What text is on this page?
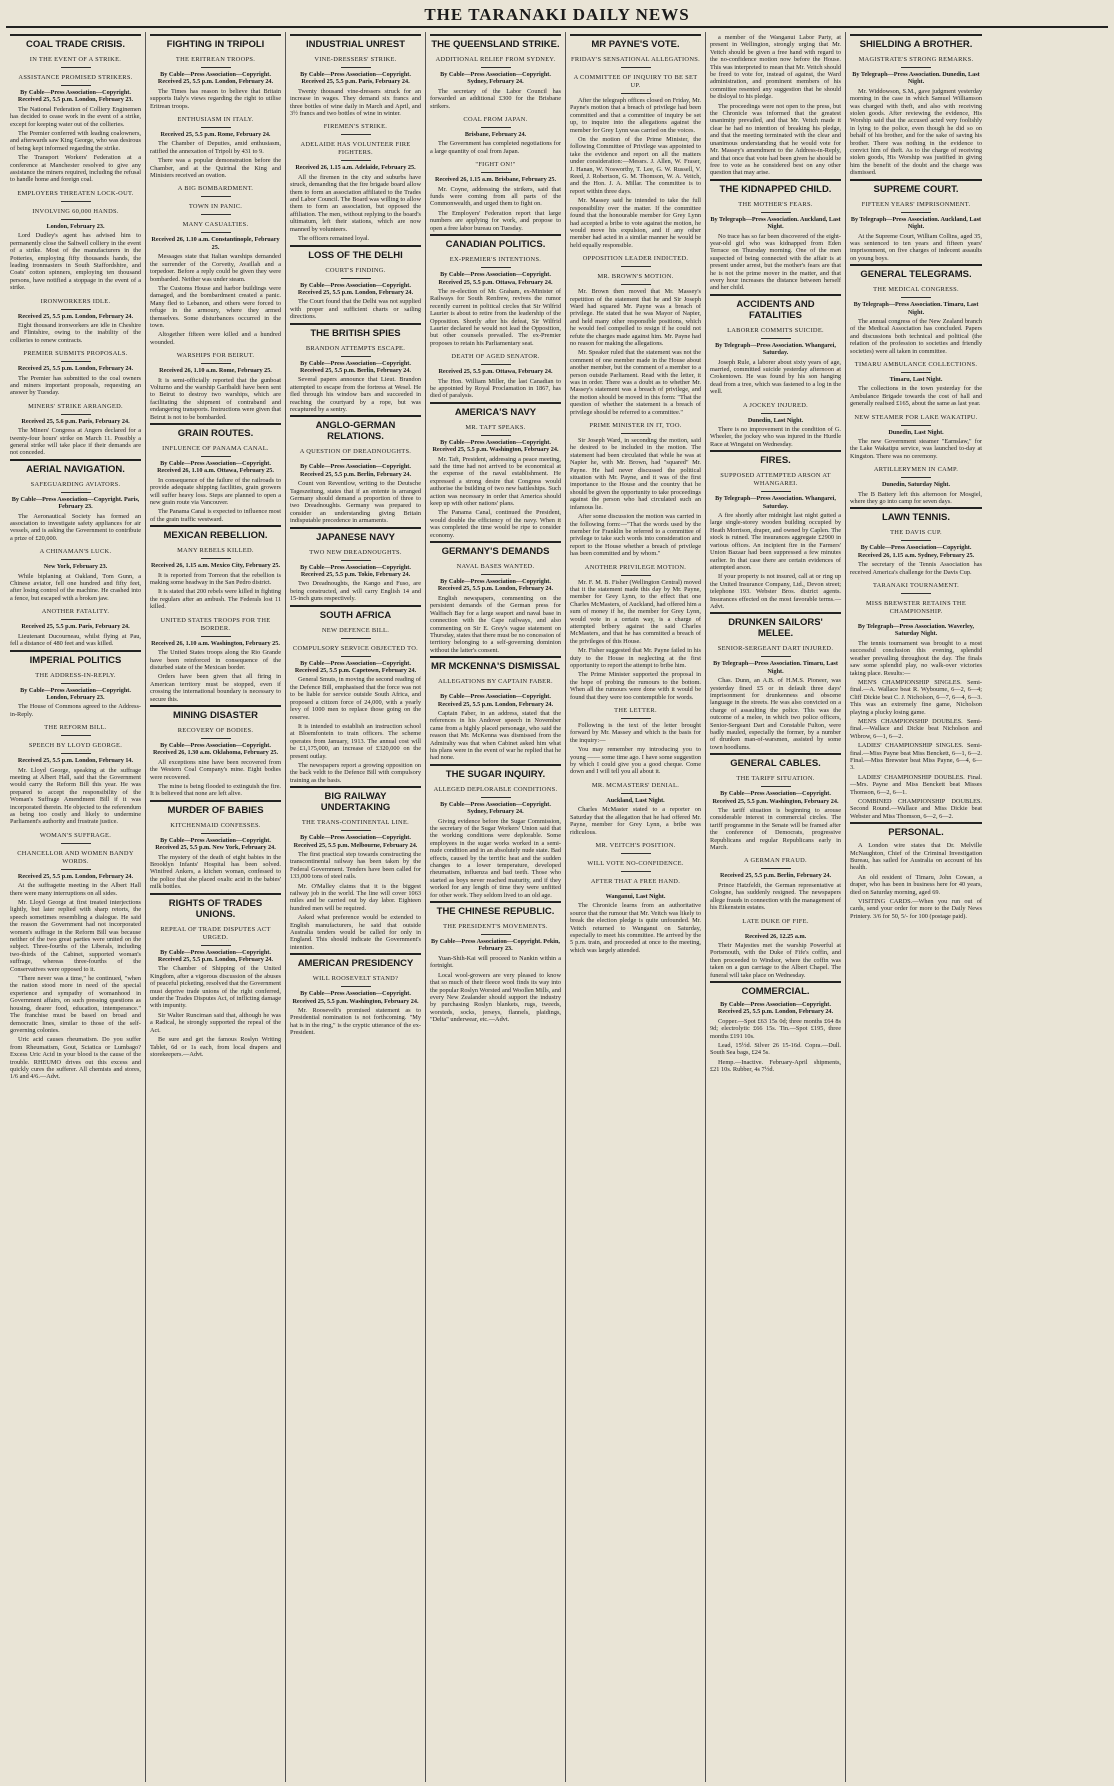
THE TARANAKI DAILY NEWS
COAL TRADE CRISIS.
IN THE EVENT OF A STRIKE.
ASSISTANCE PROMISED STRIKERS.
By Cable—Press Association—Copyright. Received 25, 5.5 p.m. London, February 23.
The National Federation of Colliery Enginemen has decided to cease work in the event of a strike, except for keeping water out of the collieries.
The Premier conferred with leading coalowners, and afterwards saw King George, who was desirous of being kept informed regarding the strike.
The Transport Workers' Federation at a conference at Manchester resolved to give any assistance the miners required, including the refusal to handle home and foreign coal.
EMPLOYERS THREATEN LOCK-OUT.
INVOLVING 60,000 HANDS.
London, February 23.
Lord Dudley's agent has advised him to permanently close the Saltwell colliery in the event of a strike. Most of the manufacturers in the Potteries, employing fifty thousands hands, the leading ironmasters in South Staffordshire, and Coats' cotton spinners, employing ten thousand persons, have notified a stoppage in the event of a strike.
IRONWORKERS IDLE.
Received 25, 5.5 p.m. London, February 24.
Eight thousand ironworkers are idle in Cheshire and Flintshire, owing to the inability of the collieries to renew contracts.
PREMIER SUBMITS PROPOSALS.
Received 25, 5.5 p.m. London, February 24.
The Premier has submitted to the coal owners and miners important proposals, requesting an answer by Tuesday.
MINERS' STRIKE ARRANGED.
Received 25, 5.6 p.m. Paris, February 24.
The Miners' Congress at Angers declared for a twenty-four hours' strike on March 11. Possibly a general strike will take place if their demands are not conceded.
AERIAL NAVIGATION.
SAFEGUARDING AVIATORS.
By Cable—Press Association—Copyright. Paris, February 23.
The Aeronautical Society has formed an association to investigate safety appliances for air vessels, and is asking the Government to contribute a prize of £20,000.
A CHINAMAN'S LUCK.
New York, February 23.
While biplaning at Oakland, Tom Gunn, a Chinese aviator, fell one hundred and fifty feet, after losing control of the machine. He crashed into a fence, but escaped with a broken jaw.
ANOTHER FATALITY.
Received 25, 5.5 p.m. Paris, February 24.
Lieutenant Ducourneau, whilst flying at Pau, fell a distance of 480 feet and was killed.
IMPERIAL POLITICS
THE ADDRESS-IN-REPLY.
By Cable—Press Association—Copyright. London, February 23.
The House of Commons agreed to the Address-in-Reply.
THE REFORM BILL.
SPEECH BY LLOYD GEORGE.
Received 25, 5.5 p.m. London, February 14.
Mr. Lloyd George, speaking at the suffrage meeting at Albert Hall, said that the Government would carry the Reform Bill this year. He was prepared to accept the responsibility of the Woman's Suffrage Amendment Bill if it was incorporated therein. He objected to the referendum as being too costly and likely to undermine Parliament's authority and frustrate justice.
WOMAN'S SUFFRAGE.
CHANCELLOR AND WOMEN BANDY WORDS.
Received 25, 5.5 p.m. London, February 24.
At the suffragette meeting in the Albert Hall there were many interruptions on all sides.
Mr. Lloyd George at first treated interjections lightly, but later replied with sharp retorts, the speech sometimes resembling a dialogue. He said the reason the Government had not incorporated women's suffrage in the Reform Bill was because neither of the two great parties were united on the subject. Three-fourths of the Liberals, including two-thirds of the Cabinet, supported woman's suffrage, whereas three-fourths of the Conservatives were opposed to it.
"There never was a time," he continued, "when the nation stood more in need of the special experience and sympathy of womanhood in Government affairs, on such pressing questions as housing, dearer food, education, intemperance." The franchise must be based on broad and democratic lines, similar to those of the self-governing colonies.
Uric acid causes rheumatism. Do you suffer from Rheumatism, Gout, Sciatica or Lumbago? Excess Uric Acid in your blood is the cause of the trouble. RHEUMO drives out this excess and quickly cures the sufferer. All chemists and stores, 1/6 and 4/6.—Advt.
FIGHTING IN TRIPOLI
THE ERITREAN TROOPS.
By Cable—Press Association—Copyright. Received 25, 5.5 p.m. London, February 24.
The Times has reason to believe that Britain supports Italy's views regarding the right to utilise Eritrean troops.
ENTHUSIASM IN ITALY.
Received 25, 5.5 p.m. Rome, February 24.
The Chamber of Deputies, amid enthusiasm, ratified the annexation of Tripoli by 431 to 9.
There was a popular demonstration before the Chamber, and at the Quirinal the King and Ministers received an ovation.
A BIG BOMBARDMENT.
TOWN IN PANIC.
MANY CASUALTIES.
Received 26, 1.10 a.m. Constantinople, February 25.
Messages state that Italian warships demanded the surrender of the Corvetty, Availlah and a torpedoer. Before a reply could be given they were bombarded. Neither was under steam.
The Customs House and harbor buildings were damaged, and the bombardment created a panic. Many fled to Lebanon, and others were forced to refuge in the armoury, where they armed themselves. Some disturbances occurred in the town.
Altogether fifteen were killed and a hundred wounded.
WARSHIPS FOR BEIRUT.
Received 26, 1.10 a.m. Rome, February 25.
It is semi-officially reported that the gunboat Volturno and the warship Garibaldi have been sent to Beirut to destroy two warships, which are facilitating the shipment of contraband and endangering transports. Instructions were given that Beirut is not to be bombarded.
GRAIN ROUTES.
INFLUENCE OF PANAMA CANAL.
By Cable—Press Association—Copyright. Received 26, 1.10 a.m. Ottawa, February 25.
In consequence of the failure of the railroads to provide adequate shipping facilities, grain growers will suffer heavy loss. Steps are planned to open a new grain route via Vancouver.
The Panama Canal is expected to influence most of the grain traffic westward.
MEXICAN REBELLION.
MANY REBELS KILLED.
Received 26, 1.15 a.m. Mexico City, February 25.
It is reported from Torreon that the rebellion is making some headway in the San Pedro district.
It is stated that 200 rebels were killed in fighting the regulars after an ambush. The Federals lost 11 killed.
UNITED STATES TROOPS FOR THE BORDER.
Received 26, 1.10 a.m. Washington, February 25.
The United States troops along the Rio Grande have been reinforced in consequence of the disturbed state of the Mexican border.
Orders have been given that all firing in American territory must be stopped, even if crossing the international boundary is necessary to secure this.
MINING DISASTER
RECOVERY OF BODIES.
By Cable—Press Association—Copyright. Received 26, 1.30 a.m. Oklahoma, February 25.
All exceptions nine have been recovered from the Western Coal Company's mine. Eight bodies were recovered.
The mine is being flooded to extinguish the fire. It is believed that none are left alive.
MURDER OF BABIES
KITCHENMAID CONFESSES.
By Cable—Press Association—Copyright. Received 25, 5.5 p.m. New York, February 24.
The mystery of the death of eight babies in the Brooklyn Infants' Hospital has been solved. Winifred Ankers, a kitchen woman, confessed to the police that she placed oxalic acid in the babies' milk bottles.
RIGHTS OF TRADES UNIONS.
REPEAL OF TRADE DISPUTES ACT URGED.
By Cable—Press Association—Copyright. Received 25, 5.5 p.m. London, February 24.
The Chamber of Shipping of the United Kingdom, after a vigorous discussion of the abuses of peaceful picketing, resolved that the Government must deprive trade unions of the right conferred, under the Trades Disputes Act, of inflicting damage with impunity.
Sir Walter Runciman said that, although he was a Radical, he strongly supported the repeal of the Act.
Be sure and get the famous Roslyn Writing Tablet, 6d or 1s each, from local drapers and storekeepers.—Advt.
INDUSTRIAL UNREST
VINE-DRESSERS' STRIKE.
By Cable—Press Association—Copyright. Received 25, 5.5 p.m. Paris, February 24.
Twenty thousand vine-dressers struck for an increase in wages. They demand six francs and three bottles of wine daily in March and April, and 3½ francs and two bottles of wine in winter.
FIREMEN'S STRIKE.
ADELAIDE HAS VOLUNTEER FIRE FIGHTERS.
Received 26, 1.15 a.m. Adelaide, February 25.
All the firemen in the city and suburbs have struck, demanding that the fire brigade board allow them to form an association affiliated to the Trades and Labor Council. The Board was willing to allow them to form an association, but opposed the affiliation. The men, without replying to the board's ultimatum, left their stations, which are now manned by volunteers.
The officers remained loyal.
LOSS OF THE DELHI
COURT'S FINDING.
By Cable—Press Association—Copyright. Received 25, 5.5 p.m. London, February 24.
The Court found that the Delhi was not supplied with proper and sufficient charts or sailing directions.
THE BRITISH SPIES
BRANDON ATTEMPTS ESCAPE.
By Cable—Press Association—Copyright. Received 25, 5.5 p.m. Berlin, February 24.
Several papers announce that Lieut. Brandon attempted to escape from the fortress at Wesel. He fled through his window bars and succeeded in reaching the courtyard by a rope, but was recaptured by a sentry.
ANGLO-GERMAN RELATIONS.
A QUESTION OF DREADNOUGHTS.
By Cable—Press Association—Copyright. Received 25, 5.5 p.m. Berlin, February 24.
Count von Reventlow, writing to the Deutsche Tageszeitung, states that if an entente is arranged Germany should demand a proportion of three to two Dreadnoughts. Germany was prepared to consider an understanding giving Britain indisputable precedence in armaments.
JAPANESE NAVY
TWO NEW DREADNOUGHTS.
By Cable—Press Association—Copyright. Received 25, 5.5 p.m. Tokio, February 24.
Two Dreadnoughts, the Kango and Fuso, are being constructed, and will carry English 14 and 15-inch guns respectively.
SOUTH AFRICA
NEW DEFENCE BILL.
COMPULSORY SERVICE OBJECTED TO.
By Cable—Press Association—Copyright. Received 25, 5.5 p.m. Capetown, February 24.
General Smuts, in moving the second reading of the Defence Bill, emphasised that the force was not to be liable for service outside South Africa, and proposed a citizen force of 24,000, with a yearly levy of 1000 men to replace those going on the reserve.
It is intended to establish an instruction school at Bloemfontein to train officers. The scheme operates from January, 1913. The annual cost will be £1,175,000, an increase of £320,000 on the present outlay.
The newspapers report a growing opposition on the back veldt to the Defence Bill with compulsory training as the basis.
BIG RAILWAY UNDERTAKING
THE TRANS-CONTINENTAL LINE.
By Cable—Press Association—Copyright. Received 25, 5.5 p.m. Melbourne, February 24.
The first practical step towards constructing the transcontinental railway has been taken by the Federal Government. Tenders have been called for 133,000 tons of steel rails.
Mr. O'Malley claims that it is the biggest railway job in the world. The line will cover 1063 miles and be carried out by day labor. Eighteen hundred men will be required.
Asked what preference would be extended to English manufacturers, he said that outside Australia tenders would be called for only in England. This should indicate the Government's intention.
AMERICAN PRESIDENCY
WILL ROOSEVELT STAND?
By Cable—Press Association—Copyright. Received 25, 5.5 p.m. Washington, February 24.
Mr. Roosevelt's promised statement as to Presidential nomination is not forthcoming. "My hat is in the ring," is the cryptic utterance of the ex-President.
THE QUEENSLAND STRIKE.
ADDITIONAL RELIEF FROM SYDNEY.
By Cable—Press Association—Copyright. Sydney, February 24.
The secretary of the Labor Council has forwarded an additional £300 for the Brisbane strikers.
COAL FROM JAPAN.
Brisbane, February 24.
The Government has completed negotiations for a large quantity of coal from Japan.
"FIGHT ON!"
Received 26, 1.15 a.m. Brisbane, February 25.
Mr. Coyne, addressing the strikers, said that funds were coming from all parts of the Commonwealth, and urged them to fight on.
The Employers' Federation report that large numbers are applying for work, and propose to open a free labor bureau on Tuesday.
CANADIAN POLITICS.
EX-PREMIER'S INTENTIONS.
By Cable—Press Association—Copyright. Received 25, 5.5 p.m. Ottawa, February 24.
The re-election of Mr. Graham, ex-Minister of Railways for South Renfrew, revives the rumor recently current in political circles that Sir Wilfrid Laurier is about to retire from the leadership of the Opposition. Shortly after his defeat, Sir Wilfrid Laurier declared he would not lead the Opposition, but other counsels prevailed. The ex-Premier proposes to retain his Parliamentary seat.
DEATH OF AGED SENATOR.
Received 25, 5.5 p.m. Ottawa, February 24.
The Hon. William Miller, the last Canadian to be appointed by Royal Proclamation in 1867, has died of paralysis.
AMERICA'S NAVY
MR. TAFT SPEAKS.
By Cable—Press Association—Copyright. Received 25, 5.5 p.m. Washington, February 24.
Mr. Taft, President, addressing a peace meeting, said the time had not arrived to be economical at the expense of the naval establishment. He expressed a strong desire that Congress would authorise the building of two new battleships. Such action was necessary in order that America should keep up with other nations' plans.
The Panama Canal, continued the President, would double the efficiency of the navy. When it was completed the time would be ripe to consider economy.
GERMANY'S DEMANDS
NAVAL BASES WANTED.
By Cable—Press Association—Copyright. Received 25, 5.5 p.m. London, February 24.
English newspapers, commenting on the persistent demands of the German press for Walfisch Bay for a large seaport and naval base in connection with the Cape railways, and also commenting on Sir E. Grey's vague statement on Thursday, states that there must be no concession of territory belonging to a self-governing dominion without the latter's consent.
MR MCKENNA'S DISMISSAL
ALLEGATIONS BY CAPTAIN FABER.
By Cable—Press Association—Copyright. Received 25, 5.5 p.m. London, February 24.
Captain Faber, in an address, stated that the references in his Andover speech in November came from a highly placed personage, who said the reason that Mr. McKenna was dismissed from the Admiralty was that when Cabinet asked him what his plans were in the event of war he replied that he had none.
THE SUGAR INQUIRY.
ALLEGED DEPLORABLE CONDITIONS.
By Cable—Press Association—Copyright. Sydney, February 24.
Giving evidence before the Sugar Commission, the secretary of the Sugar Workers' Union said that the working conditions were deplorable. Some employees in the sugar works worked in a semi-nude condition and in an absolutely nude state. Bad effects, caused by the terrific heat and the sudden changes to a lower temperature, developed rheumatism, influenza and bad teeth. Those who started as boys never reached maturity, and if they worked for any length of time they were unfitted for other work. They seldom lived to an old age.
THE CHINESE REPUBLIC.
THE PRESIDENT'S MOVEMENTS.
By Cable—Press Association—Copyright. Pekin, February 23.
Yuan-Shih-Kai will proceed to Nankin within a fortnight.
Local wool-growers are very pleased to know that so much of their fleece wool finds its way into the popular Roslyn Worsted and Woollen Mills, and every New Zealander should support the industry by purchasing Roslyn blankets, rugs, tweeds, worsteds, socks, jerseys, flannels, plaidings, "Delta" underwear, etc.—Advt.
MR PAYNE'S VOTE.
FRIDAY'S SENSATIONAL ALLEGATIONS.
A COMMITTEE OF INQUIRY TO BE SET UP.
After the telegraph offices closed on Friday, Mr. Payne's motion that a breach of privilege had been committed and that a committee of inquiry be set up, to inquire into the allegations against the member for Grey Lynn was carried on the voices.
On the motion of the Prime Minister, the following Committee of Privilege was appointed to take the evidence and report on all the matters under consideration:—Messrs. J. Allen, W. Fraser, J. Hanan, W. Nosworthy, T. Lee, G. W. Russell, V. Reed, J. Robertson, G. M. Thomson, W. A. Veitch, and the Hon. J. A. Millar. The committee is to report within three days.
Mr. Massey said he intended to take the full responsibility over the matter. If the committee found that the honourable member for Grey Lynn had accepted a bribe to vote against the motion, he would move his expulsion, and if any other member had acted in a similar manner he would be held equally responsible.
OPPOSITION LEADER INDICTED.
MR. BROWN'S MOTION.
Mr. Brown then moved that Mr. Massey's repetition of the statement that he and Sir Joseph Ward had squared Mr. Payne was a breach of privilege. He stated that he was Mayor of Napier, and held many other responsible positions, which he would feel compelled to resign if he could not refute the charges made against him. Mr. Payne had no reason for making the allegations.
Mr. Speaker ruled that the statement was not the comment of one member made in the House about another member, but the comment of a member to a person outside Parliament. Read with the letter, it was in order. There was a doubt as to whether Mr. Massey's statement was a breach of privilege, and the motion should be moved in this form: "That the question of whether the statement is a breach of privilege should be referred to a committee."
PRIME MINISTER IN IT, TOO.
Sir Joseph Ward, in seconding the motion, said he desired to be included in the motion. The statement had been circulated that while he was at Napier he, with Mr. Brown, had "squared" Mr. Payne. He had never discussed the political situation with Mr. Payne, and it was of the first importance to the House and the country that he should be given the opportunity to take proceedings against the person who had circulated such an infamous lie.
After some discussion the motion was carried in the following form:—"That the words used by the member for Franklin be referred to a committee of privilege to take such words into consideration and report to the House whether a breach of privilege has been committed and by whom."
ANOTHER PRIVILEGE MOTION.
Mr. F. M. B. Fisher (Wellington Central) moved that it the statement made this day by Mr. Payne, member for Grey Lynn, to the effect that one Charles McMasters, of Auckland, had offered him a sum of money if he, the member for Grey Lynn, would vote in a certain way, is a charge of attempted bribery against the said Charles McMasters, and that he has committed a breach of the privileges of this House.
Mr. Fisher suggested that Mr. Payne failed in his duty to the House in neglecting at the first opportunity to report the attempt to bribe him.
The Prime Minister supported the proposal in the hope of probing the rumours to the bottom. When all the rumours were done with it would be found that they were too contemptible for words.
THE LETTER.
Following is the text of the letter brought forward by Mr. Massey and which is the basis for the inquiry:—
You may remember my introducing you to young —— some time ago. I have some suggestion by which I could give you a good cheque. Come down and I will tell you all about it.
MR. MCMASTERS' DENIAL.
Auckland, Last Night.
Charles McMaster stated to a reporter on Saturday that the allegation that he had offered Mr. Payne, member for Grey Lynn, a bribe was ridiculous.
MR. VEITCH'S POSITION.
WILL VOTE NO-CONFIDENCE.
AFTER THAT A FREE HAND.
Wanganui, Last Night.
The Chronicle learns from an authoritative source that the rumour that Mr. Veitch was likely to break the election pledge is quite unfounded. Mr. Veitch returned to Wanganui on Saturday, especially to meet his committee. He arrived by the 5 p.m. train, and proceeded at once to the meeting, which was largely attended.
a member of the Wanganui Labor Party, at present in Wellington, strongly urging that Mr. Veitch should be given a free hand with regard to the no-confidence motion now before the House. This was interpreted to mean that Mr. Veitch should be freed to vote for, instead of against, the Ward administration, and prominent members of his committee resented any suggestion that he should be disloyal to his pledge.
The proceedings were not open to the press, but the Chronicle was informed that the greatest unanimity prevailed, and that Mr. Veitch made it clear he had no intention of breaking his pledge, and that the meeting terminated with the clear and unanimous understanding that he would vote for Mr. Massey's amendment to the Address-in-Reply, and that once that vote had been given he should be free to vote as he considered best on any other question that may arise.
THE KIDNAPPED CHILD.
THE MOTHER'S FEARS.
By Telegraph—Press Association. Auckland, Last Night.
No trace has so far been discovered of the eight-year-old girl who was kidnapped from Eden Terrace on Thursday morning. One of the men suspected of being connected with the affair is at present under arrest, but the mother's fears are that he is not the prime mover in the matter, and that every hour increases the distance between herself and her child.
ACCIDENTS AND FATALITIES
LABORER COMMITS SUICIDE.
By Telegraph—Press Association. Whangarei, Saturday.
Joseph Rule, a laborer about sixty years of age, married, committed suicide yesterday afternoon at Crokentown. He was found by his son hanging dead from a tree, which was fastened to a log in the well.
A JOCKEY INJURED.
Dunedin, Last Night.
There is no improvement in the condition of G. Wheeler, the jockey who was injured in the Hurdle Race at Wingatui on Wednesday.
FIRES.
SUPPOSED ATTEMPTED ARSON AT WHANGAREI.
By Telegraph—Press Association. Whangarei, Saturday.
A fire shortly after midnight last night gutted a large single-storey wooden building occupied by Heath Morrison, draper, and owned by Caplen. The stock is ruined. The insurances aggregate £2900 in various offices. An incipient fire in the Farmers' Union Bazaar had been suppressed a few minutes earlier. In that case there are certain evidences of attempted arson.
If your property is not insured, call at or ring up the United Insurance Company, Ltd., Devon street; telephone 193. Webster Bros. district agents. Insurances effected on the most favorable terms.—Advt.
DRUNKEN SAILORS' MELEE.
SENIOR-SERGEANT DART INJURED.
By Telegraph—Press Association. Timaru, Last Night.
Chas. Dunn, an A.B. of H.M.S. Pioneer, was yesterday fined £5 or in default three days' imprisonment for drunkenness and obscene language in the streets. He was also convicted on a charge of assaulting the police. This was the outcome of a melee, in which two police officers, Senior-Sergeant Dart and Constable Fulton, were badly mauled, especially the former, by a number of drunken man-of-warsmen, assisted by some town hoodlums.
GENERAL CABLES.
THE TARIFF SITUATION.
By Cable—Press Association—Copyright. Received 25, 5.5 p.m. Washington, February 24.
The tariff situation is beginning to arouse considerable interest in commercial circles. The tariff programme in the Senate will be framed after the conference of Democrats, progressive Republicans and regular Republicans early in March.
A GERMAN FRAUD.
Received 25, 5.5 p.m. Berlin, February 24.
Prince Hatzfeldt, the German representative at Cologne, has suddenly resigned. The newspapers allege frauds in connection with the management of his Eikenstein estates.
LATE DUKE OF FIFE.
Received 26, 12.25 a.m.
Their Majesties met the warship Powerful at Portsmouth, with the Duke of Fife's coffin, and then proceeded to Windsor, where the coffin was taken on a gun carriage to the Albert Chapel. The funeral will take place on Wednesday.
COMMERCIAL.
By Cable—Press Association—Copyright. Received 25, 5.5 p.m. London, February 24.
Copper.—Spot £63 15s 0d; three months £64 8s 9d; electrolytic £66 15s. Tin.—Spot £195, three months £191 10s.
Lead, 15½d. Silver 26 15-16d. Copra.—Dull. South Sea bags, £24 5s.
Hemp.—Inactive. February-April shipments, £21 10s. Rubber, 4s 7½d.
SHIELDING A BROTHER.
MAGISTRATE'S STRONG REMARKS.
By Telegraph—Press Association. Dunedin, Last Night.
Mr. Widdowson, S.M., gave judgment yesterday morning in the case in which Samuel Williamson was charged with theft, and also with receiving stolen goods. After reviewing the evidence, His Worship said that the accused acted very foolishly in lying to the police, even though he did so on behalf of his brother, and for the sake of saving his brother. There was nothing in the evidence to convict him of theft. As to the charge of receiving stolen goods, His Worship was justified in giving him the benefit of the doubt and the charge was dismissed.
SUPREME COURT.
FIFTEEN YEARS' IMPRISONMENT.
By Telegraph—Press Association. Auckland, Last Night.
At the Supreme Court, William Collins, aged 35, was sentenced to ten years and fifteen years' imprisonment, on five charges of indecent assaults on young boys.
GENERAL TELEGRAMS.
THE MEDICAL CONGRESS.
By Telegraph—Press Association. Timaru, Last Night.
The annual congress of the New Zealand branch of the Medical Association has concluded. Papers and discussions both technical and political (the relation of the profession to societies and friendly societies) were all taken in committee.
TIMARU AMBULANCE COLLECTIONS.
Timaru, Last Night.
The collections in the town yesterday for the Ambulance Brigade towards the cost of hall and generally realised £165, about the same as last year.
NEW STEAMER FOR LAKE WAKATIPU.
Dunedin, Last Night.
The new Government steamer "Earnslaw," for the Lake Wakatipu service, was launched to-day at Kingston. There was no ceremony.
ARTILLERYMEN IN CAMP.
Dunedin, Saturday Night.
The B Battery left this afternoon for Mosgiel, where they go into camp for seven days.
LAWN TENNIS.
THE DAVIS CUP.
By Cable—Press Association—Copyright. Received 26, 1.15 a.m. Sydney, February 25.
The secretary of the Tennis Association has received America's challenge for the Davis Cup.
TARANAKI TOURNAMENT.
MISS BREWSTER RETAINS THE CHAMPIONSHIP.
By Telegraph—Press Association. Waverley, Saturday Night.
The tennis tournament was brought to a most successful conclusion this evening, splendid weather prevailing throughout the day. The finals saw some splendid play, no walk-over victories taking place. Results:—
MEN'S CHAMPIONSHIP SINGLES. Semi-final.—A. Wallace beat R. Wybourne, 6—2, 6—4; Cliff Dickie beat C. J. Nicholson, 6—7, 6—4, 6—3. This was an extremely fine game, Nicholson playing a plucky losing game.
MEN'S CHAMPIONSHIP DOUBLES. Semi-final.—Wallace and Dickie beat Nicholson and Wibrow, 6—1, 6—2.
LADIES' CHAMPIONSHIP SINGLES. Semi-final.—Miss Payne beat Miss Benckett, 6—1, 6—2. Final.—Miss Brewster beat Miss Payne, 6—4, 6—3.
LADIES' CHAMPIONSHIP DOUBLES. Final.—Mrs. Payne and Miss Benckett beat Misses Thomson, 6—2, 6—1.
COMBINED CHAMPIONSHIP DOUBLES. Second Round.—Wallace and Miss Dickie beat Webster and Miss Thomson, 6—2, 6—2.
PERSONAL.
A London wire states that Dr. Melville McNaughton, Chief of the Criminal Investigation Bureau, has sailed for Australia on account of his health.
An old resident of Timaru, John Cowan, a draper, who has been in business here for 40 years, died on Saturday morning, aged 69.
VISITING CARDS.—When you run out of cards, send your order for more to the Daily News Printery. 3/6 for 50, 5/- for 100 (postage paid).
